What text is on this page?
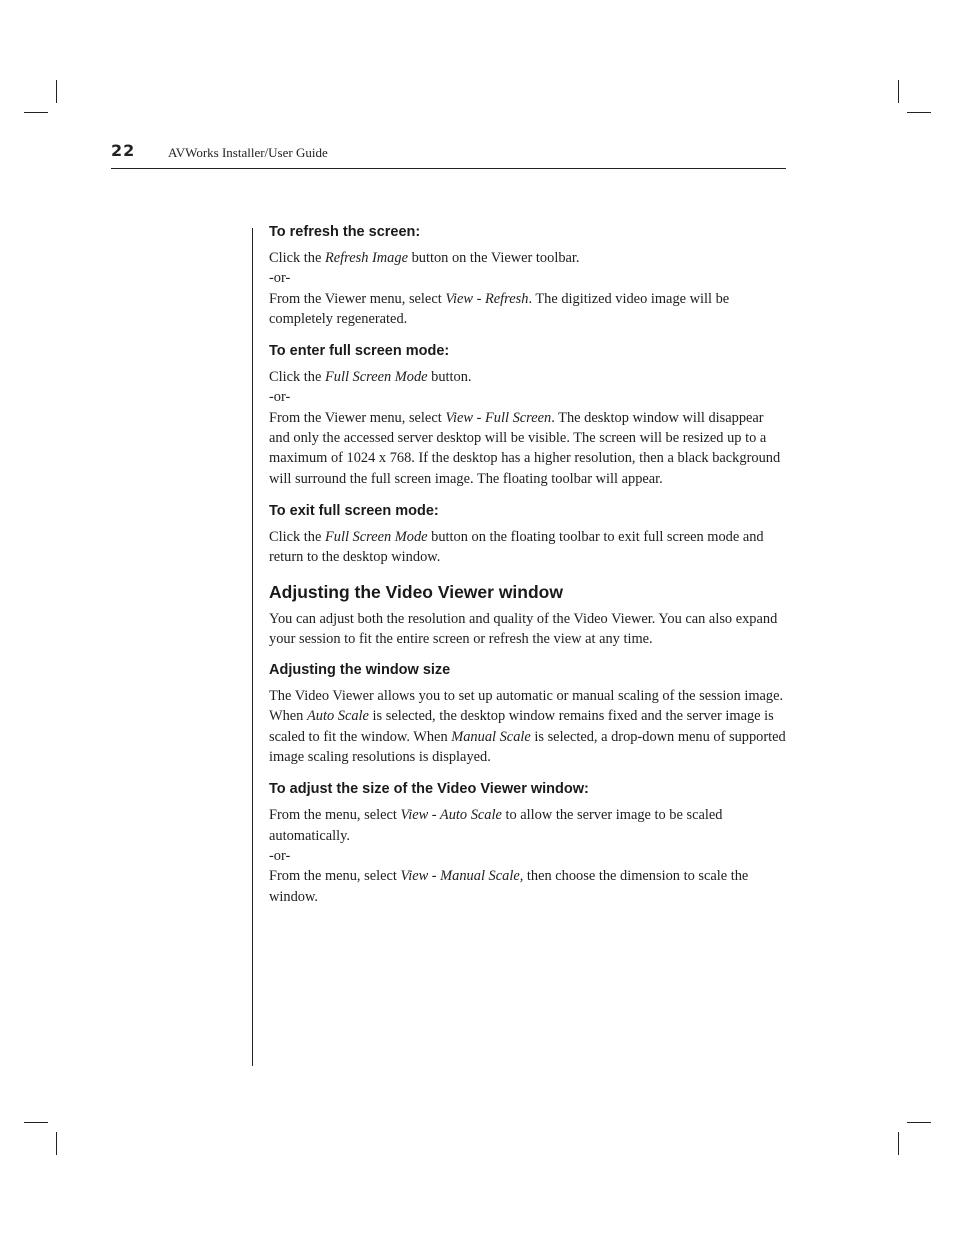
22	AVWorks Installer/User Guide
To refresh the screen:

Click the Refresh Image button on the Viewer toolbar.

-or-

From the Viewer menu, select View - Refresh. The digitized video image will be completely regenerated.

To enter full screen mode:

Click the Full Screen Mode button.

-or-

From the Viewer menu, select View - Full Screen. The desktop window will disappear and only the accessed server desktop will be visible. The screen will be resized up to a maximum of 1024 x 768. If the desktop has a higher resolution, then a black background will surround the full screen image. The floating toolbar will appear.

To exit full screen mode:

Click the Full Screen Mode button on the floating toolbar to exit full screen mode and return to the desktop window.

Adjusting the Video Viewer window

You can adjust both the resolution and quality of the Video Viewer. You can also expand your session to fit the entire screen or refresh the view at any time.

Adjusting the window size

The Video Viewer allows you to set up automatic or manual scaling of the session image. When Auto Scale is selected, the desktop window remains fixed and the server image is scaled to fit the window. When Manual Scale is selected, a drop-down menu of supported image scaling resolutions is displayed.

To adjust the size of the Video Viewer window:

From the menu, select View - Auto Scale to allow the server image to be scaled automatically.

-or-

From the menu, select View - Manual Scale, then choose the dimension to scale the window.
